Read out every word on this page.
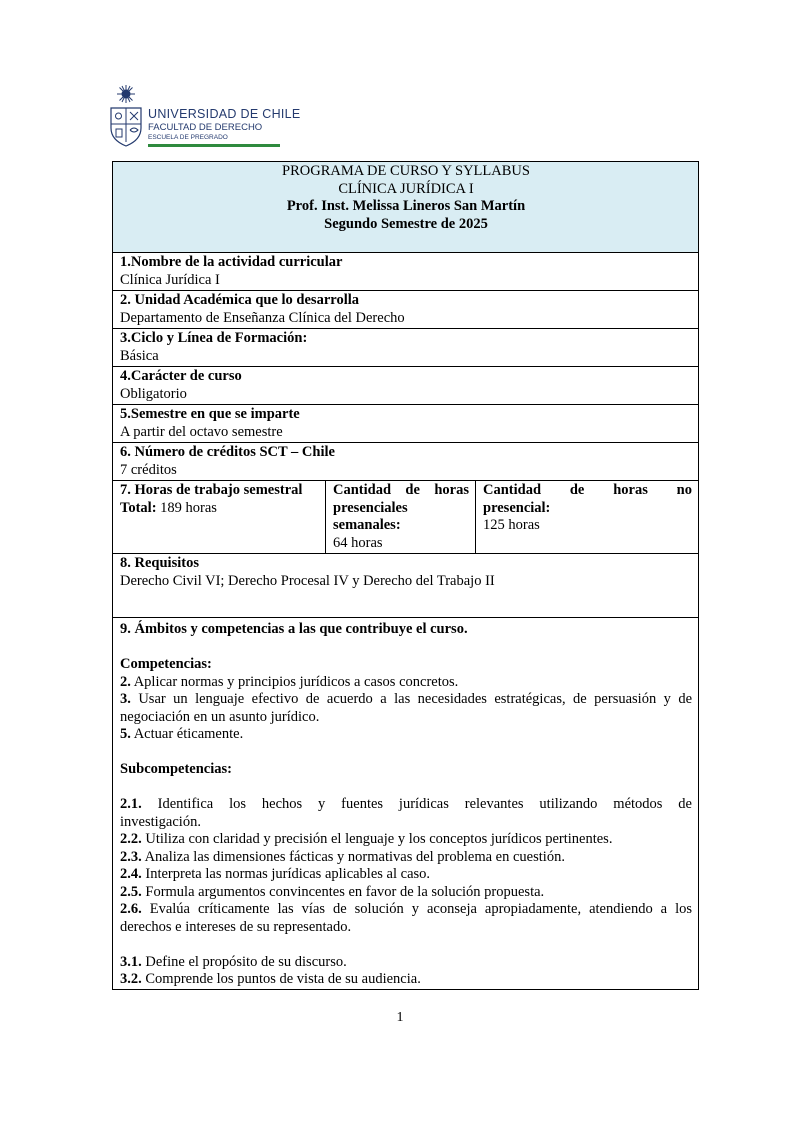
UNIVERSIDAD DE CHILE
FACULTAD DE DERECHO
ESCUELA DE PREGRADO
PROGRAMA DE CURSO Y SYLLABUS
CLÍNICA JURÍDICA I
Prof. Inst. Melissa Lineros San Martín
Segundo Semestre de 2025

1.Nombre de la actividad curricular
Clínica Jurídica I

2. Unidad Académica que lo desarrolla
Departamento de Enseñanza Clínica del Derecho

3.Ciclo y Línea de Formación:
Básica

4.Carácter de curso
Obligatorio

5.Semestre en que se imparte
A partir del octavo semestre

6. Número de créditos SCT – Chile
7 créditos

7. Horas de trabajo semestral
Total: 189 horas

Cantidad de horas
presenciales
semanales:
64 horas

Cantidad de horas no
presencial:
125 horas

8. Requisitos
Derecho Civil VI; Derecho Procesal IV y Derecho del Trabajo II

9. Ámbitos y competencias a las que contribuye el curso.
Competencias:
2. Aplicar normas y principios jurídicos a casos concretos.
3. Usar un lenguaje efectivo de acuerdo a las necesidades estratégicas, de persuasión y de
negociación en un asunto jurídico.
5. Actuar éticamente.
Subcompetencias:
2.1. Identifica los hechos y fuentes jurídicas relevantes utilizando métodos de
investigación.
2.2. Utiliza con claridad y precisión el lenguaje y los conceptos jurídicos pertinentes.
2.3. Analiza las dimensiones fácticas y normativas del problema en cuestión.
2.4. Interpreta las normas jurídicas aplicables al caso.
2.5. Formula argumentos convincentes en favor de la solución propuesta.
2.6. Evalúa críticamente las vías de solución y aconseja apropiadamente, atendiendo a los
derechos e intereses de su representado.
3.1. Define el propósito de su discurso.
3.2. Comprende los puntos de vista de su audiencia.
1
